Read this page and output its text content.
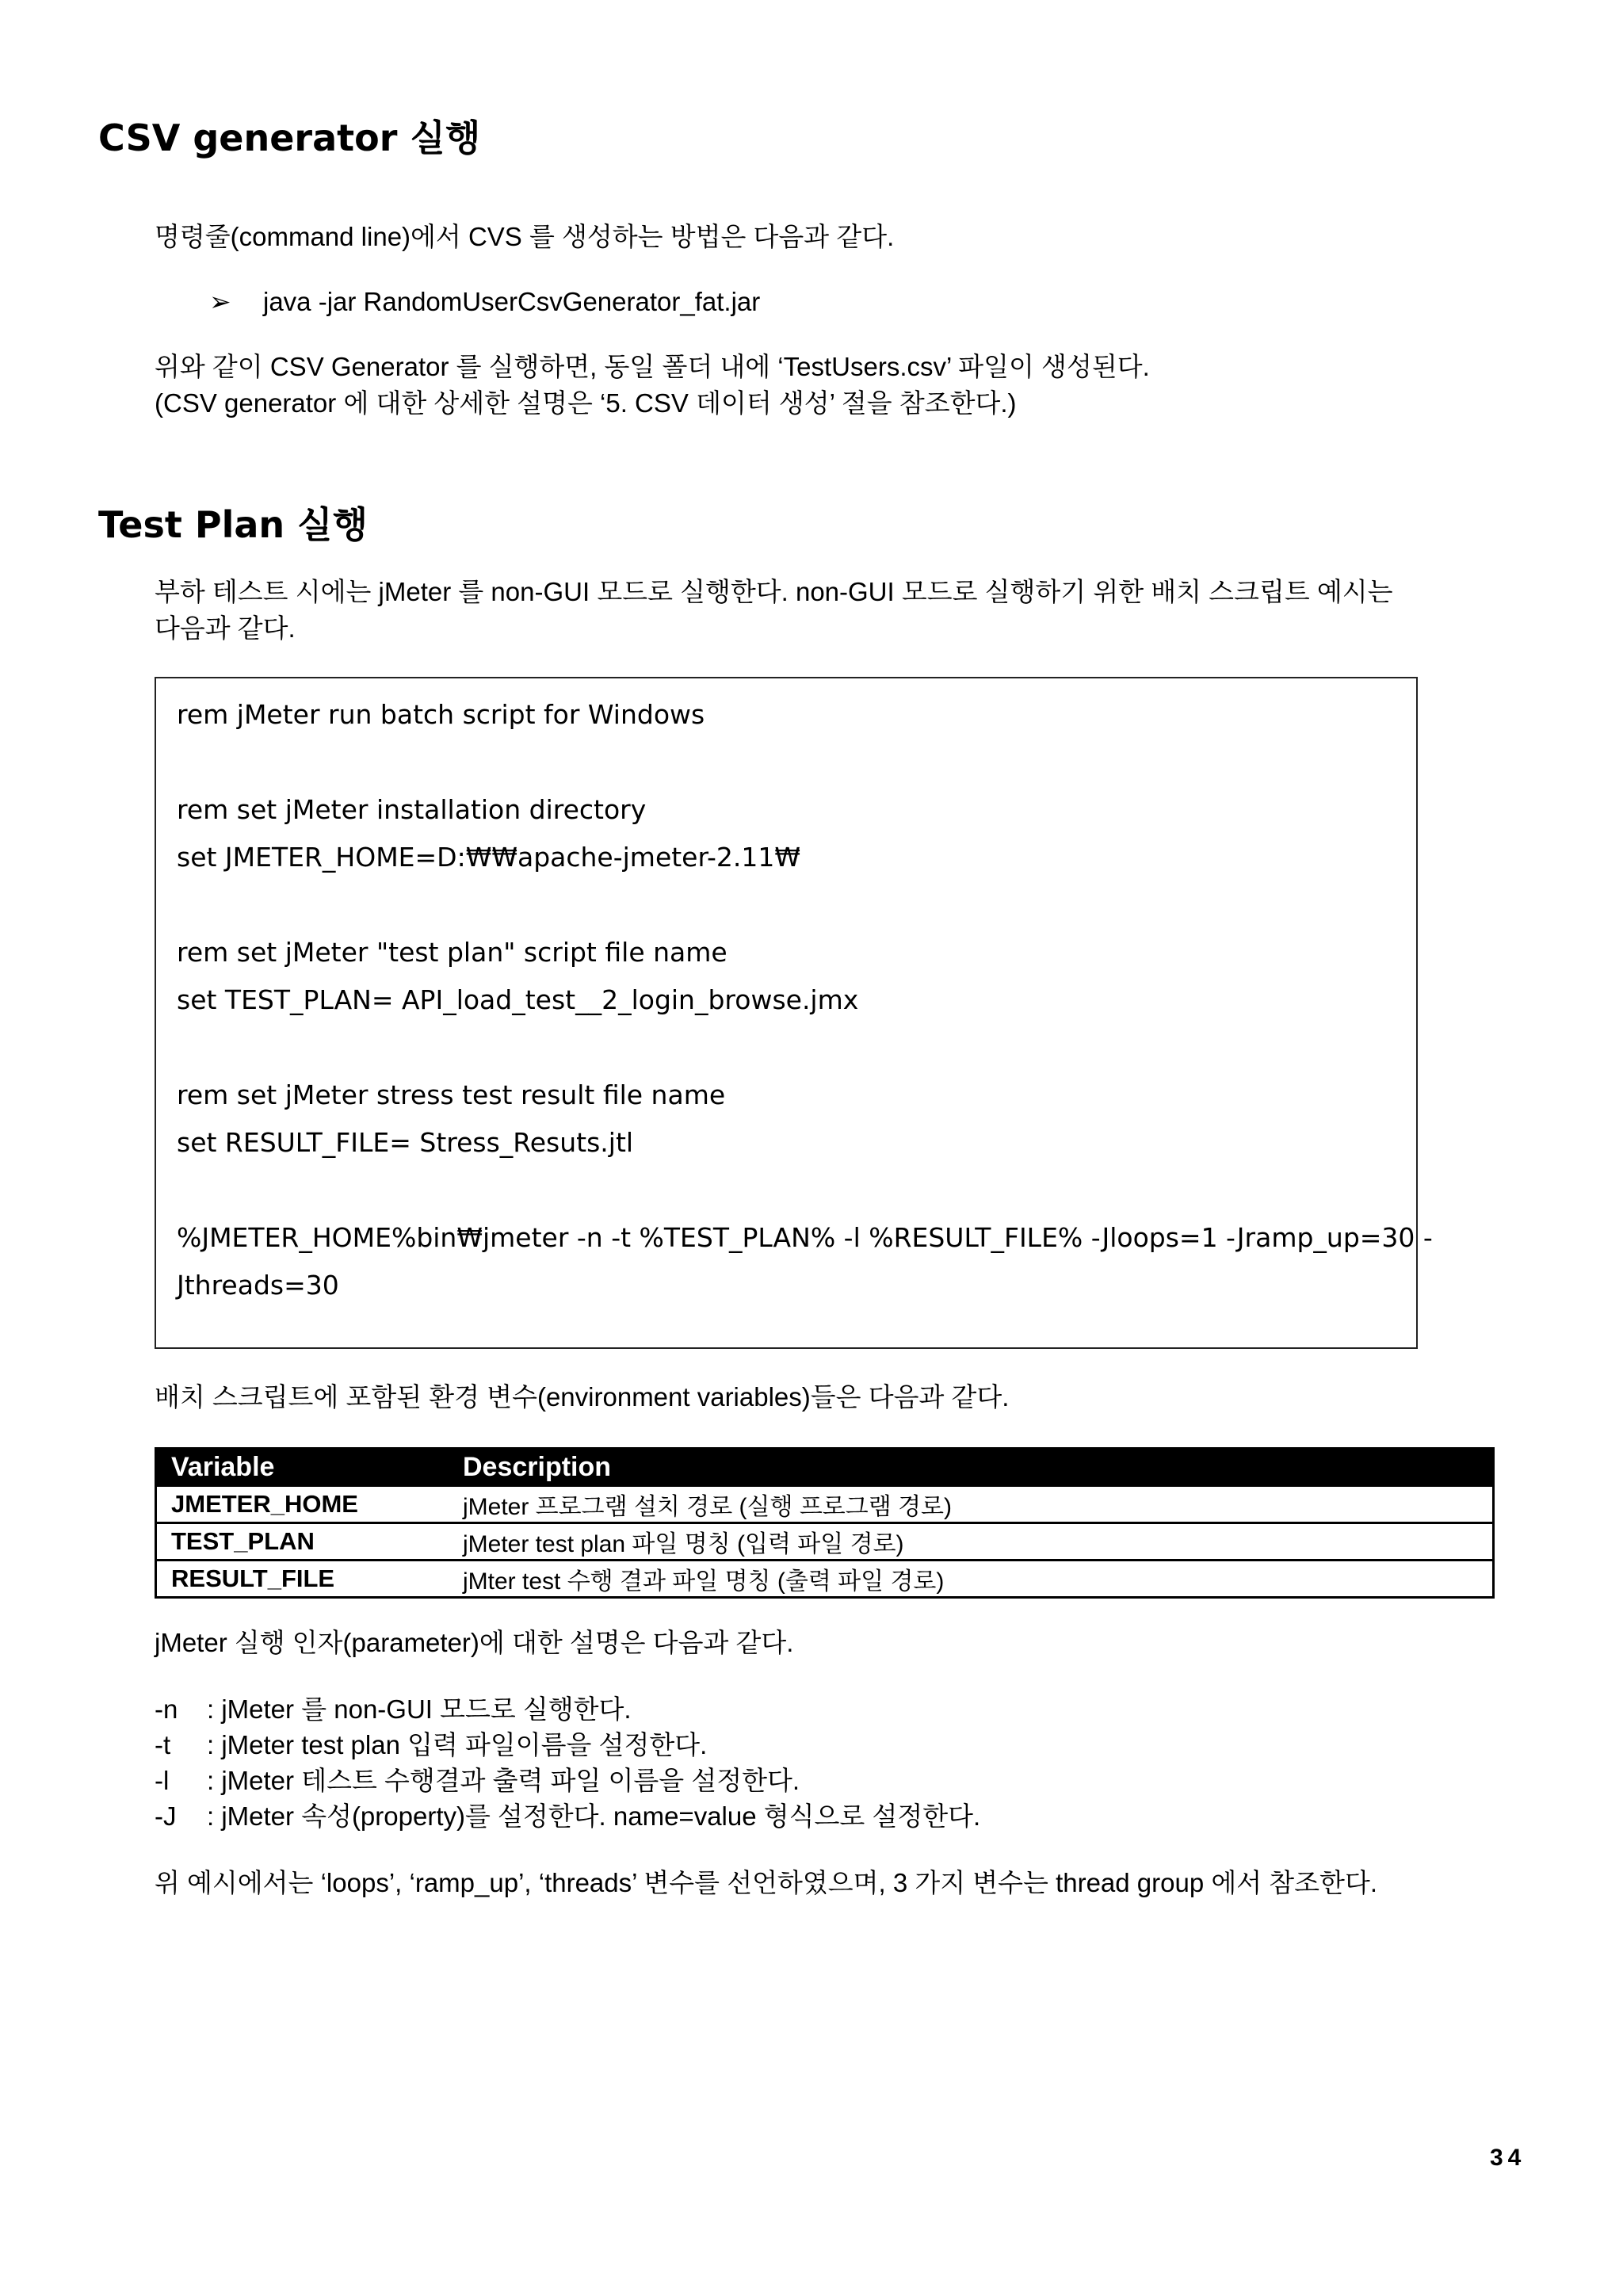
CSV generator 실행
명령줄(command line)에서 CVS 를 생성하는 방법은 다음과 같다.
➢ java -jar RandomUserCsvGenerator_fat.jar
위와 같이 CSV Generator 를 실행하면, 동일 폴더 내에 ‘TestUsers.csv’ 파일이 생성된다.
(CSV generator 에 대한 상세한 설명은 ‘5. CSV 데이터 생성’ 절을 참조한다.)
Test Plan 실행
부하 테스트 시에는 jMeter 를 non-GUI 모드로 실행한다. non-GUI 모드로 실행하기 위한 배치 스크립트 예시는
다음과 같다.
rem jMeter run batch script for Windows
rem set jMeter installation directory
set JMETER_HOME=D:₩₩apache-jmeter-2.11₩
rem set jMeter "test plan" script file name
set TEST_PLAN= API_load_test__2_login_browse.jmx
rem set jMeter stress test result file name
set RESULT_FILE= Stress_Resuts.jtl
%JMETER_HOME%bin₩jmeter -n -t %TEST_PLAN% -l %RESULT_FILE% -Jloops=1 -Jramp_up=30 -
Jthreads=30
배치 스크립트에 포함된 환경 변수(environment variables)들은 다음과 같다.
Variable	Description
JMETER_HOME	jMeter 프로그램 설치 경로 (실행 프로그램 경로)
TEST_PLAN	jMeter test plan 파일 명칭 (입력 파일 경로)
RESULT_FILE	jMter test 수행 결과 파일 명칭 (출력 파일 경로)
jMeter 실행 인자(parameter)에 대한 설명은 다음과 같다.
-n : jMeter 를 non-GUI 모드로 실행한다.
-t : jMeter test plan 입력 파일이름을 설정한다.
-l : jMeter 테스트 수행결과 출력 파일 이름을 설정한다.
-J : jMeter 속성(property)를 설정한다. name=value 형식으로 설정한다.
위 예시에서는 ‘loops’, ‘ramp_up’, ‘threads’ 변수를 선언하였으며, 3 가지 변수는 thread group 에서 참조한다.
34
